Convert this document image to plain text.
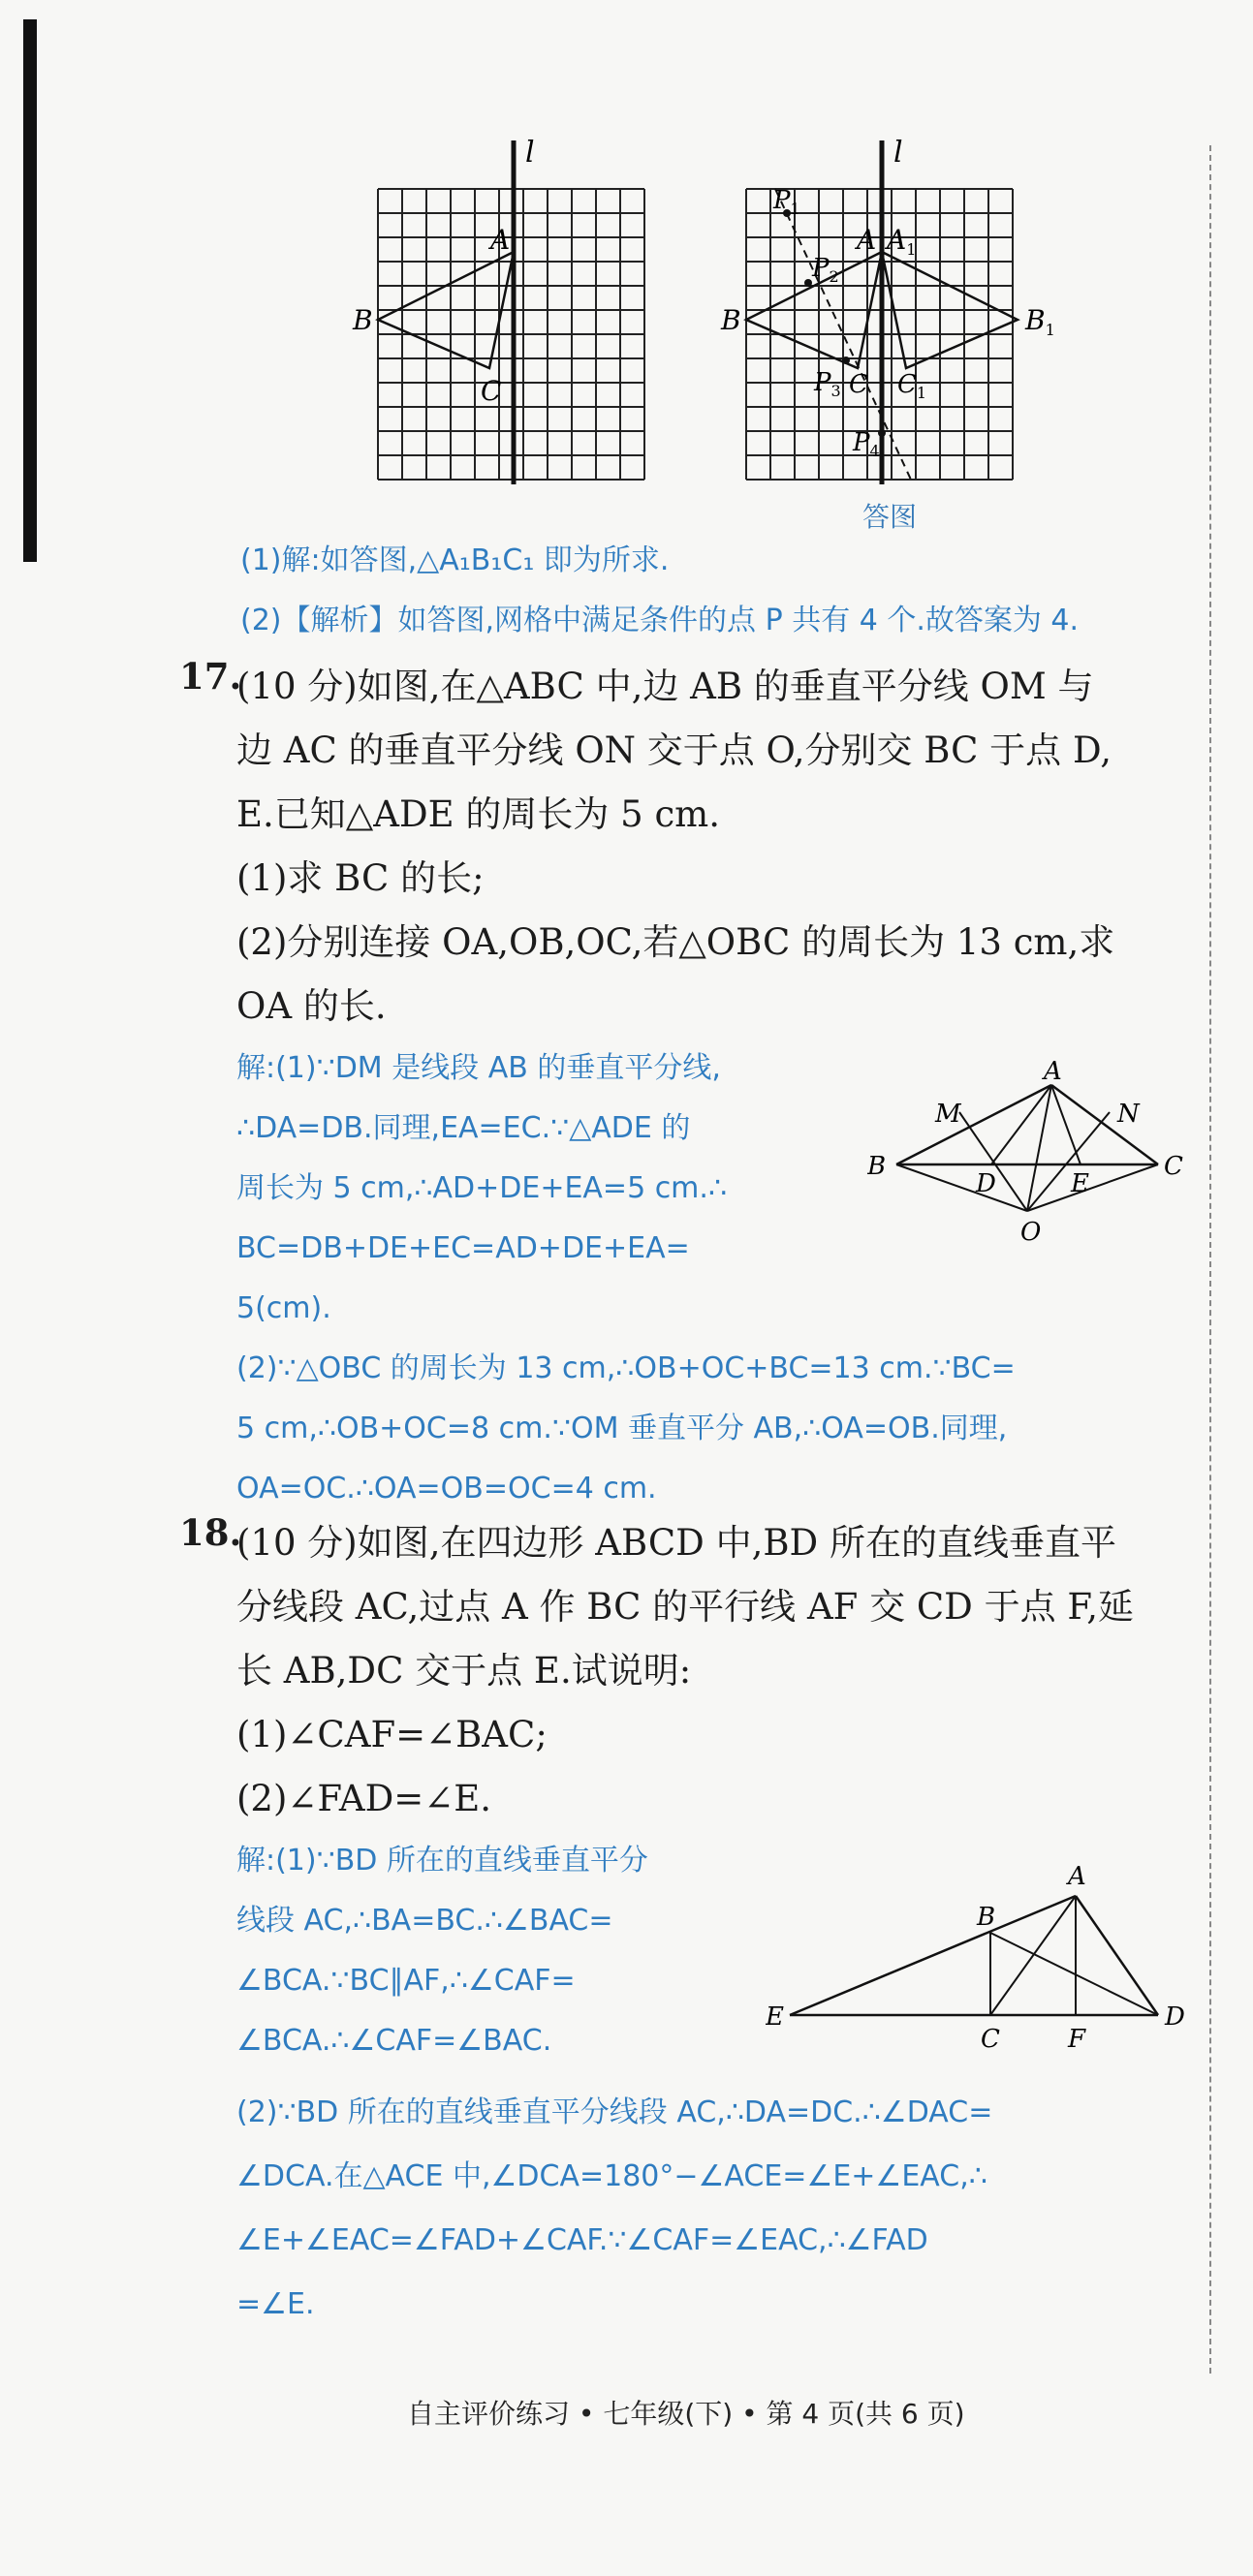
l	l
A
B
C
$P_1$
$P_2$
$P_3$
$P_4$
A $A_1$
B	$B_1$
C $C_1$
答图
(1)解:如答图,△A₁B₁C₁ 即为所求.
(2)【解析】如答图,网格中满足条件的点 P 共有 4 个.故答案为 4.
17.
(10 分)如图,在△ABC 中,边 AB 的垂直平分线 OM 与
边 AC 的垂直平分线 ON 交于点 O,分别交 BC 于点 D,
E.已知△ADE 的周长为 5 cm.
(1)求 BC 的长;
(2)分别连接 OA,OB,OC,若△OBC 的周长为 13 cm,求
OA 的长.
解:(1)∵DM 是线段 AB 的垂直平分线,
∴DA=DB.同理,EA=EC.∵△ADE 的
周长为 5 cm,∴AD+DE+EA=5 cm.∴
BC=DB+DE+EC=AD+DE+EA=
5(cm).
(2)∵△OBC 的周长为 13 cm,∴OB+OC+BC=13 cm.∵BC=
5 cm,∴OB+OC=8 cm.∵OM 垂直平分 AB,∴OA=OB.同理,
OA=OC.∴OA=OB=OC=4 cm.
A
B	C
D	E
M	N
O
18.
(10 分)如图,在四边形 ABCD 中,BD 所在的直线垂直平
分线段 AC,过点 A 作 BC 的平行线 AF 交 CD 于点 F,延
长 AB,DC 交于点 E.试说明:
(1)∠CAF=∠BAC;
(2)∠FAD=∠E.
解:(1)∵BD 所在的直线垂直平分
线段 AC,∴BA=BC.∴∠BAC=
∠BCA.∵BC∥AF,∴∠CAF=
∠BCA.∴∠CAF=∠BAC.
(2)∵BD 所在的直线垂直平分线段 AC,∴DA=DC.∴∠DAC=
∠DCA.在△ACE 中,∠DCA=180°−∠ACE=∠E+∠EAC,∴
∠E+∠EAC=∠FAD+∠CAF.∵∠CAF=∠EAC,∴∠FAD
=∠E.
A
B
C
D
E
F
自主评价练习 • 七年级(下) • 第 4 页(共 6 页)
